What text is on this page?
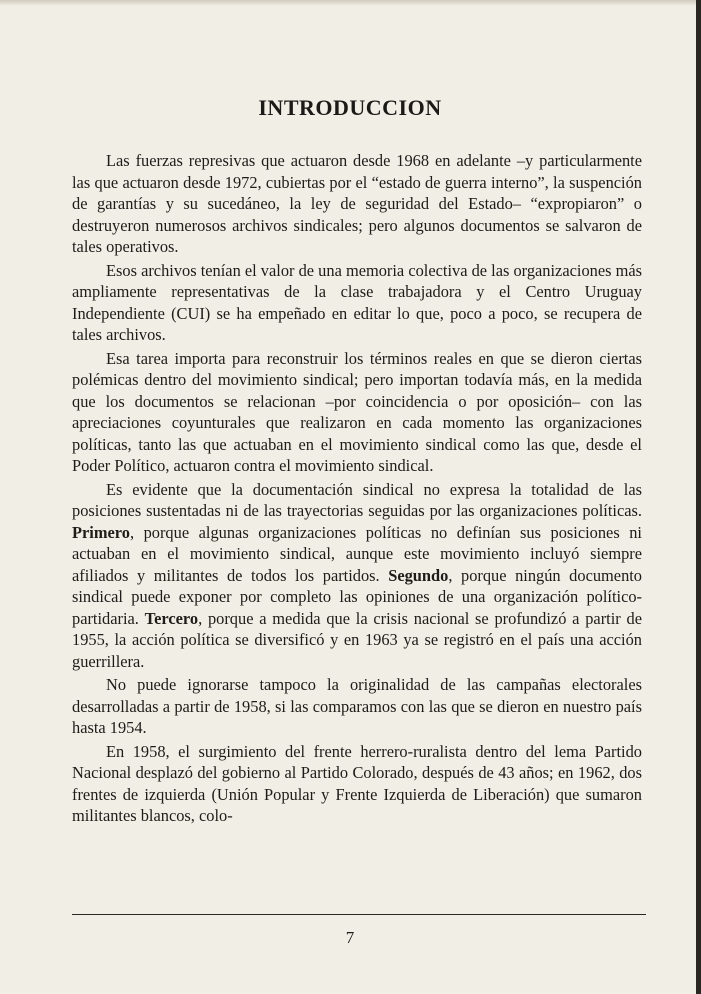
INTRODUCCION

Las fuerzas represivas que actuaron desde 1968 en adelante –y particularmente las que actuaron desde 1972, cubiertas por el “estado de guerra interno”, la suspención de garantías y su sucedáneo, la ley de seguridad del Estado– “expropiaron” o destruyeron numerosos archivos sindicales; pero algunos documentos se salvaron de tales operativos.

Esos archivos tenían el valor de una memoria colectiva de las organizaciones más ampliamente representativas de la clase trabajadora y el Centro Uruguay Independiente (CUI) se ha empeñado en editar lo que, poco a poco, se recupera de tales archivos.

Esa tarea importa para reconstruir los términos reales en que se dieron ciertas polémicas dentro del movimiento sindical; pero importan todavía más, en la medida que los documentos se relacionan –por coincidencia o por oposición– con las apreciaciones coyunturales que realizaron en cada momento las organizaciones políticas, tanto las que actuaban en el movimiento sindical como las que, desde el Poder Político, actuaron contra el movimiento sindical.

Es evidente que la documentación sindical no expresa la totalidad de las posiciones sustentadas ni de las trayectorias seguidas por las organizaciones políticas. Primero, porque algunas organizaciones políticas no definían sus posiciones ni actuaban en el movimiento sindical, aunque este movimiento incluyó siempre afiliados y militantes de todos los partidos. Segundo, porque ningún documento sindical puede exponer por completo las opiniones de una organización político-partidaria. Tercero, porque a medida que la crisis nacional se profundizó a partir de 1955, la acción política se diversificó y en 1963 ya se registró en el país una acción guerrillera.

No puede ignorarse tampoco la originalidad de las campañas electorales desarrolladas a partir de 1958, si las comparamos con las que se dieron en nuestro país hasta 1954.

En 1958, el surgimiento del frente herrero-ruralista dentro del lema Partido Nacional desplazó del gobierno al Partido Colorado, después de 43 años; en 1962, dos frentes de izquierda (Unión Popular y Frente Izquierda de Liberación) que sumaron militantes blancos, colo-

7
